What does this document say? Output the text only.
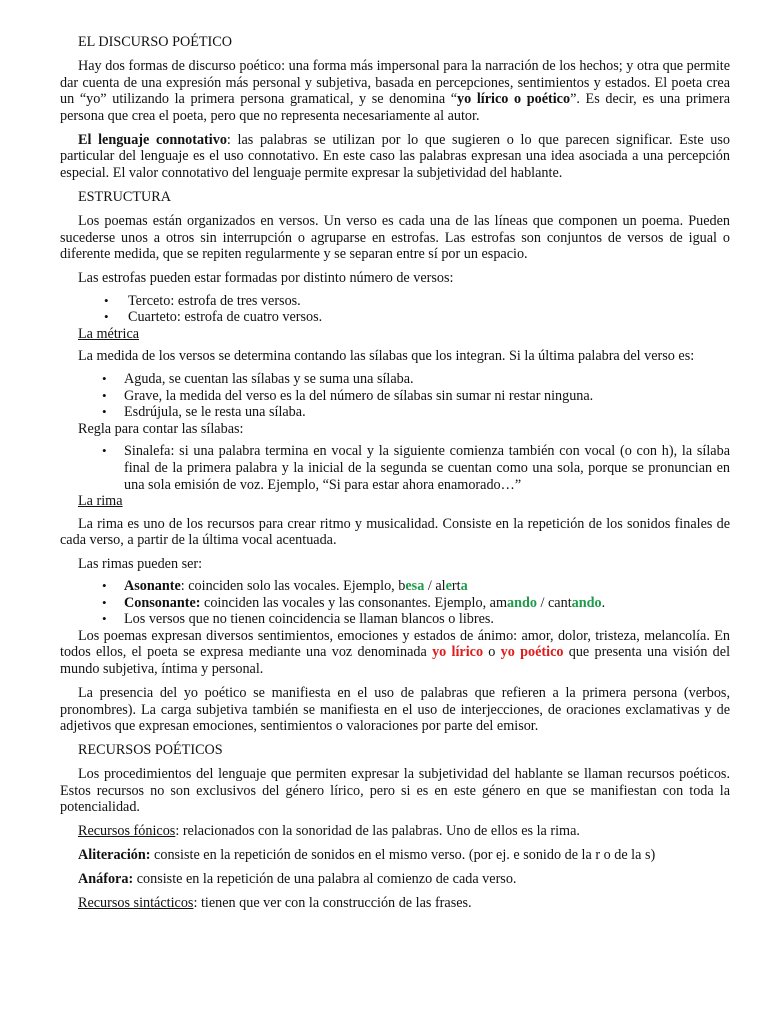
EL DISCURSO POÉTICO

Hay dos formas de discurso poético: una forma más impersonal para la narración de los hechos; y otra que permite dar cuenta de una expresión más personal y subjetiva, basada en percepciones, sentimientos y estados. El poeta crea un “yo” utilizando la primera persona gramatical, y se denomina “yo lírico o poético”. Es decir, es una primera persona que crea el poeta, pero que no representa necesariamente al autor.

El lenguaje connotativo: las palabras se utilizan por lo que sugieren o lo que parecen significar. Este uso particular del lenguaje es el uso connotativo. En este caso las palabras expresan una idea asociada a una percepción especial. El valor connotativo del lenguaje permite expresar la subjetividad del hablante.

ESTRUCTURA

Los poemas están organizados en versos. Un verso es cada una de las líneas que componen un poema. Pueden sucederse unos a otros sin interrupción o agruparse en estrofas. Las estrofas son conjuntos de versos de igual o diferente medida, que se repiten regularmente y se separan entre sí por un espacio.

Las estrofas pueden estar formadas por distinto número de versos:

• Terceto: estrofa de tres versos.
• Cuarteto: estrofa de cuatro versos.

La métrica

La medida de los versos se determina contando las sílabas que los integran. Si la última palabra del verso es:

• Aguda, se cuentan las sílabas y se suma una sílaba.
• Grave, la medida del verso es la del número de sílabas sin sumar ni restar ninguna.
• Esdrújula, se le resta una sílaba.

Regla para contar las sílabas:

• Sinalefa: si una palabra termina en vocal y la siguiente comienza también con vocal (o con h), la sílaba final de la primera palabra y la inicial de la segunda se cuentan como una sola, porque se pronuncian en una sola emisión de voz. Ejemplo, “Si para estar ahora enamorado…”

La rima

La rima es uno de los recursos para crear ritmo y musicalidad. Consiste en la repetición de los sonidos finales de cada verso, a partir de la última vocal acentuada.

Las rimas pueden ser:

• Asonante: coinciden solo las vocales. Ejemplo, besa / alerta
• Consonante: coinciden las vocales y las consonantes. Ejemplo, amando / cantando.
• Los versos que no tienen coincidencia se llaman blancos o libres.

Los poemas expresan diversos sentimientos, emociones y estados de ánimo: amor, dolor, tristeza, melancolía. En todos ellos, el poeta se expresa mediante una voz denominada yo lírico o yo poético que presenta una visión del mundo subjetiva, íntima y personal.

La presencia del yo poético se manifiesta en el uso de palabras que refieren a la primera persona (verbos, pronombres). La carga subjetiva también se manifiesta en el uso de interjecciones, de oraciones exclamativas y de adjetivos que expresan emociones, sentimientos o valoraciones por parte del emisor.

RECURSOS POÉTICOS

Los procedimientos del lenguaje que permiten expresar la subjetividad del hablante se llaman recursos poéticos. Estos recursos no son exclusivos del género lírico, pero si es en este género en que se manifiestan con toda la potencialidad.

Recursos fónicos: relacionados con la sonoridad de las palabras. Uno de ellos es la rima.

Aliteración: consiste en la repetición de sonidos en el mismo verso. (por ej. e sonido de la r o de la s)

Anáfora: consiste en la repetición de una palabra al comienzo de cada verso.

Recursos sintácticos: tienen que ver con la construcción de las frases.
